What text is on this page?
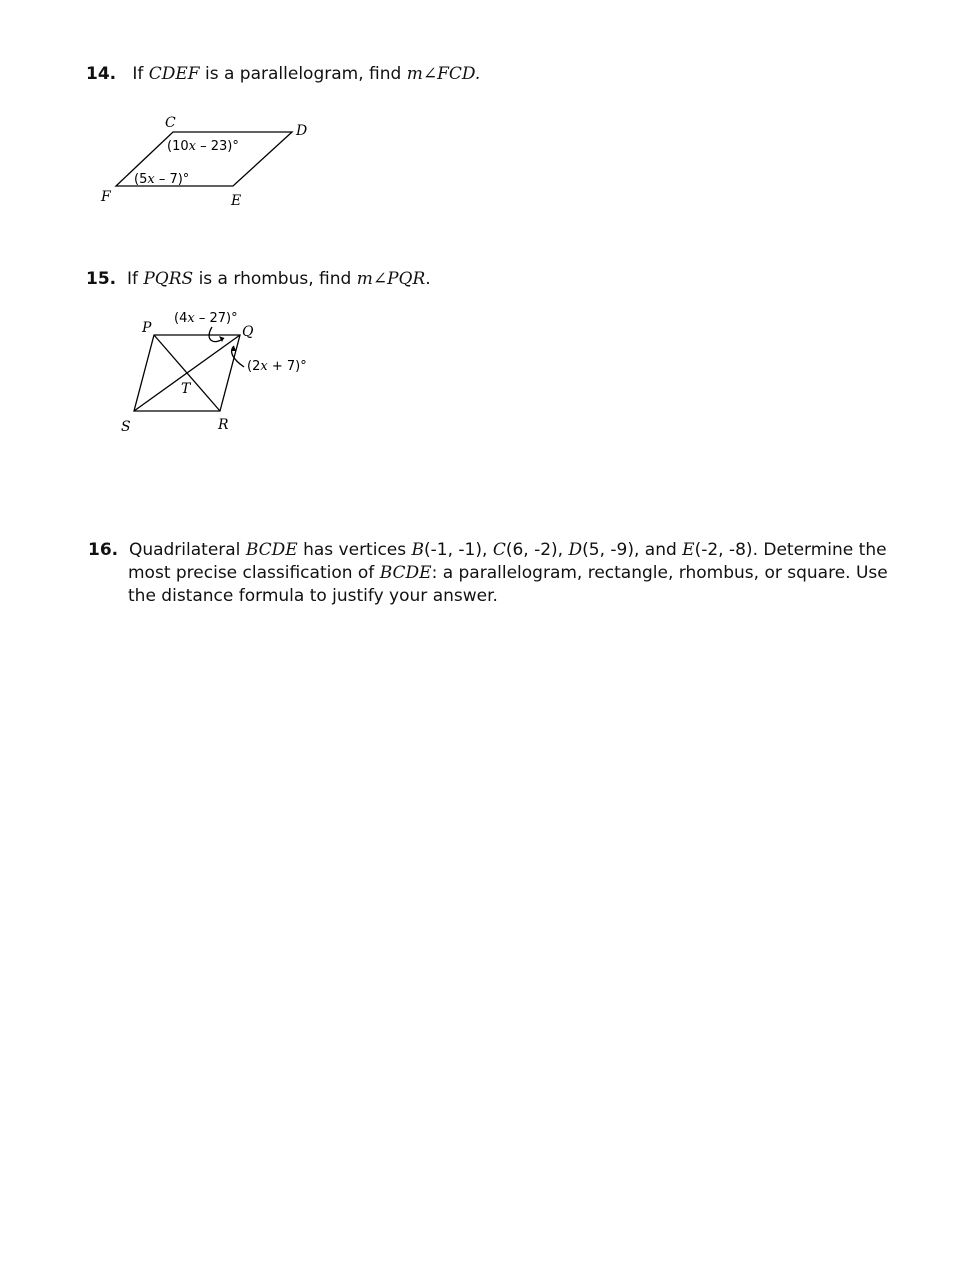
14. If CDEF is a parallelogram, find m∠FCD.
15. If PQRS is a rhombus, find m∠PQR.
16. Quadrilateral BCDE has vertices B(-1, -1), C(6, -2), D(5, -9), and E(-2, -8). Determine the
most precise classification of BCDE: a parallelogram, rectangle, rhombus, or square. Use
the distance formula to justify your answer.
C	D
E
F
(10x – 23)°
(5x – 7)°
P	Q
R
S
T
(4x – 27)°
(2x + 7)°
